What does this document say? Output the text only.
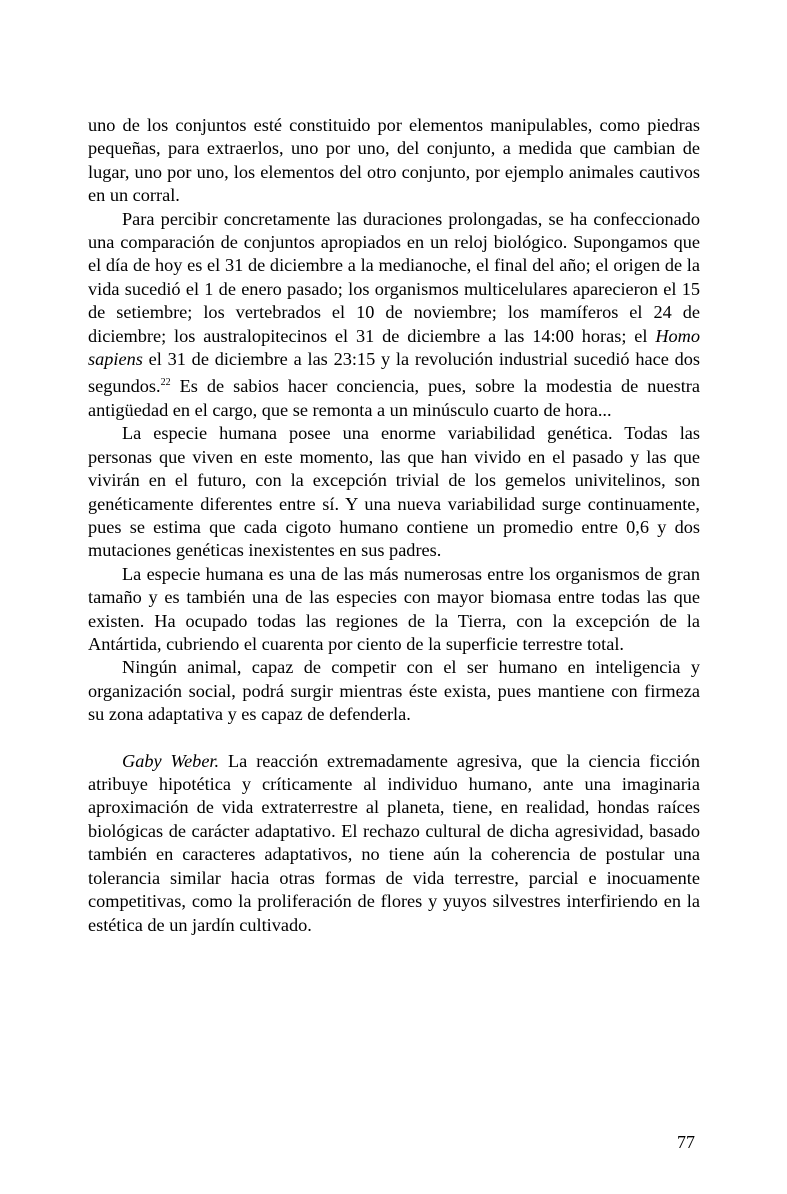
uno de los conjuntos esté constituido por elementos manipulables, como piedras pequeñas, para extraerlos, uno por uno, del conjunto, a medida que cambian de lugar, uno por uno, los elementos del otro conjunto, por ejemplo animales cautivos en un corral.

Para percibir concretamente las duraciones prolongadas, se ha confeccionado una comparación de conjuntos apropiados en un reloj biológico. Supongamos que el día de hoy es el 31 de diciembre a la medianoche, el final del año; el origen de la vida sucedió el 1 de enero pasado; los organismos multicelulares aparecieron el 15 de setiembre; los vertebrados el 10 de noviembre; los mamíferos el 24 de diciembre; los australopitecinos el 31 de diciembre a las 14:00 horas; el Homo sapiens el 31 de diciembre a las 23:15 y la revolución industrial sucedió hace dos segundos.$^{22}$ Es de sabios hacer conciencia, pues, sobre la modestia de nuestra antigüedad en el cargo, que se remonta a un minúsculo cuarto de hora...

La especie humana posee una enorme variabilidad genética. Todas las personas que viven en este momento, las que han vivido en el pasado y las que vivirán en el futuro, con la excepción trivial de los gemelos univitelinos, son genéticamente diferentes entre sí. Y una nueva variabilidad surge continuamente, pues se estima que cada cigoto humano contiene un promedio entre 0,6 y dos mutaciones genéticas inexistentes en sus padres.

La especie humana es una de las más numerosas entre los organismos de gran tamaño y es también una de las especies con mayor biomasa entre todas las que existen. Ha ocupado todas las regiones de la Tierra, con la excepción de la Antártida, cubriendo el cuarenta por ciento de la superficie terrestre total.

Ningún animal, capaz de competir con el ser humano en inteligencia y organización social, podrá surgir mientras éste exista, pues mantiene con firmeza su zona adaptativa y es capaz de defenderla.

Gaby Weber. La reacción extremadamente agresiva, que la ciencia ficción atribuye hipotética y críticamente al individuo humano, ante una imaginaria aproximación de vida extraterrestre al planeta, tiene, en realidad, hondas raíces biológicas de carácter adaptativo. El rechazo cultural de dicha agresividad, basado también en caracteres adaptativos, no tiene aún la coherencia de postular una tolerancia similar hacia otras formas de vida terrestre, parcial e inocuamente competitivas, como la proliferación de flores y yuyos silvestres interfiriendo en la estética de un jardín cultivado.

77
